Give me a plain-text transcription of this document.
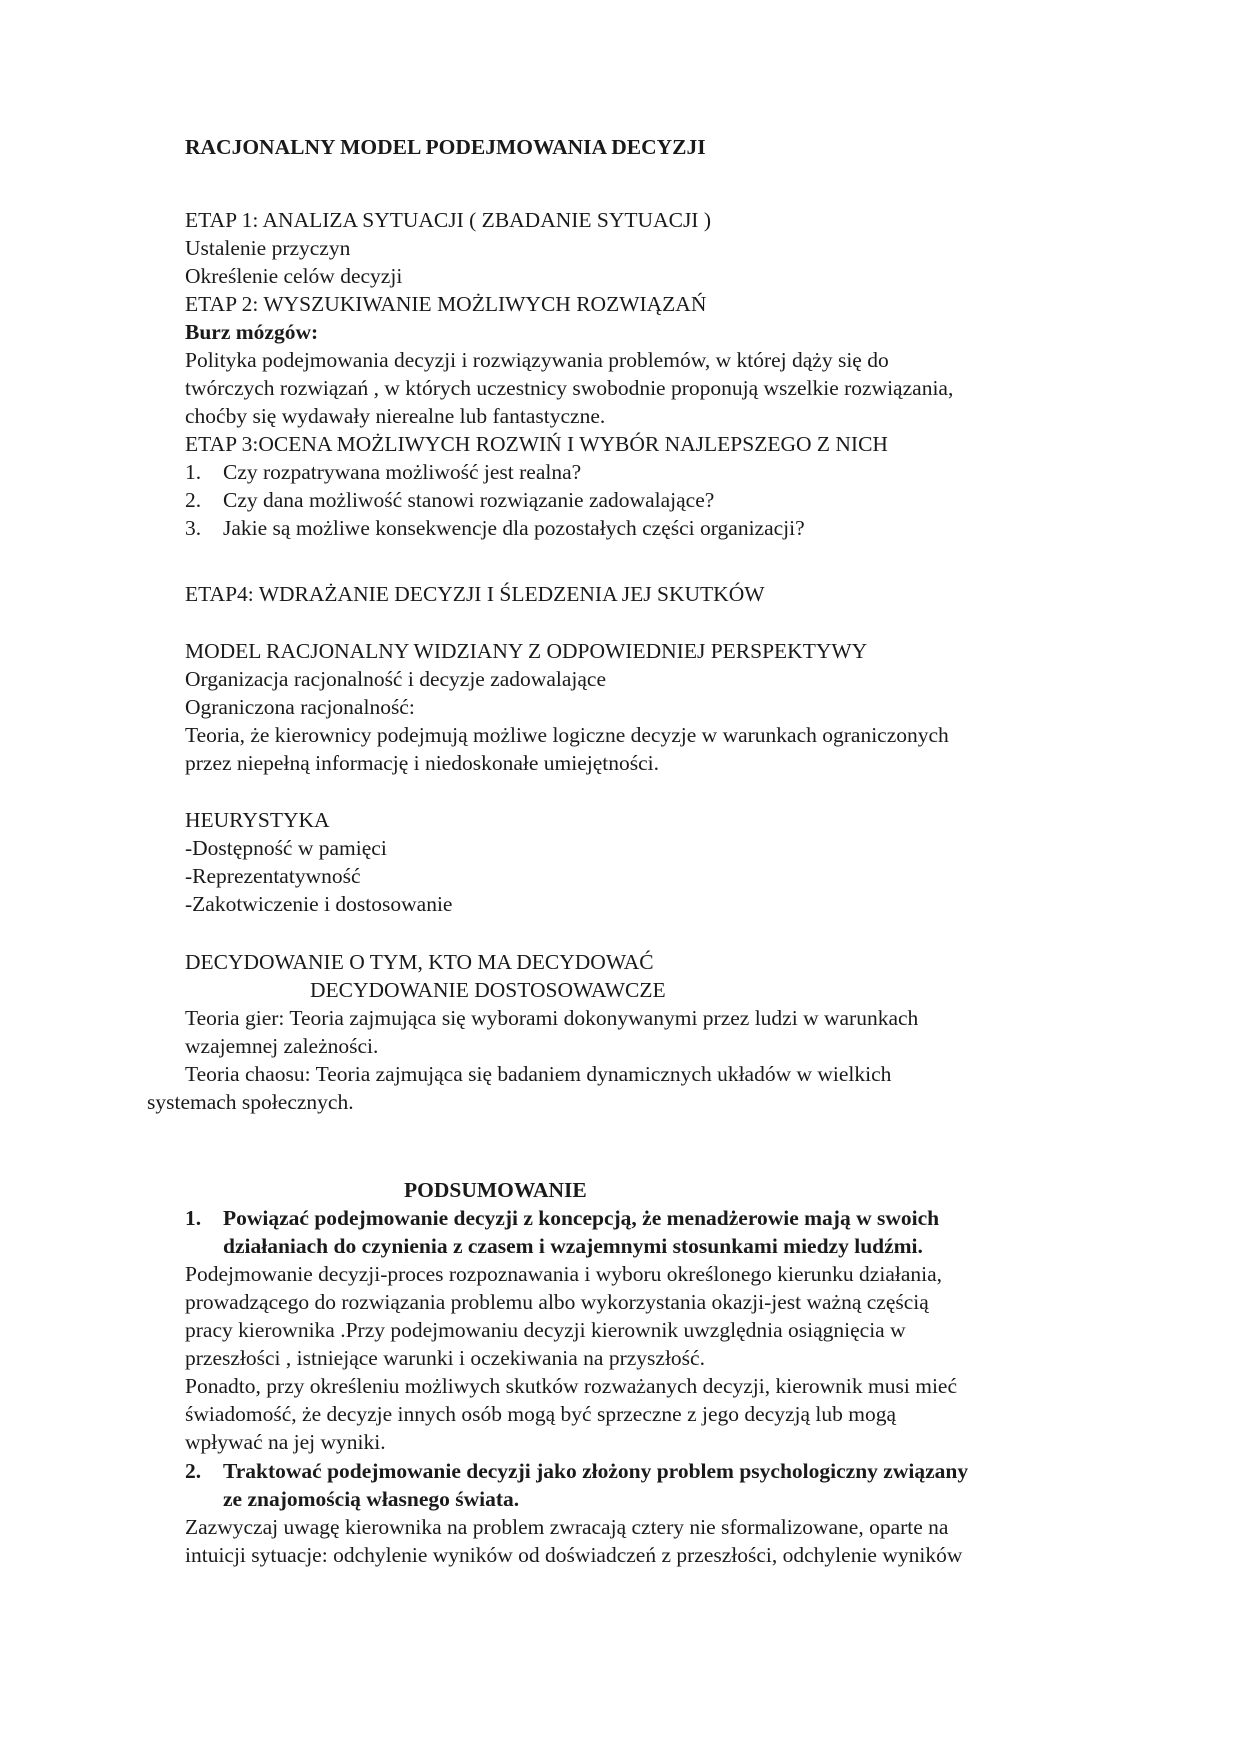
RACJONALNY MODEL PODEJMOWANIA DECYZJI
ETAP 1: ANALIZA SYTUACJI ( ZBADANIE SYTUACJI )
Ustalenie przyczyn
Określenie celów decyzji
ETAP 2: WYSZUKIWANIE MOŻLIWYCH ROZWIĄZAŃ
Burz mózgów:
Polityka podejmowania decyzji i rozwiązywania problemów, w której dąży się do
twórczych rozwiązań , w których uczestnicy swobodnie proponują wszelkie rozwiązania,
choćby się wydawały nierealne lub fantastyczne.
ETAP 3:OCENA MOŻLIWYCH ROZWIŃ I WYBÓR NAJLEPSZEGO Z NICH
1. Czy rozpatrywana możliwość jest realna?
2. Czy dana możliwość stanowi rozwiązanie zadowalające?
3. Jakie są możliwe konsekwencje dla pozostałych części organizacji?
ETAP4: WDRAŻANIE DECYZJI I ŚLEDZENIA JEJ SKUTKÓW
MODEL RACJONALNY WIDZIANY Z ODPOWIEDNIEJ PERSPEKTYWY
Organizacja racjonalność i decyzje zadowalające
Ograniczona racjonalność:
Teoria, że kierownicy podejmują możliwe logiczne decyzje w warunkach ograniczonych
przez niepełną informację i niedoskonałe umiejętności.
HEURYSTYKA
-Dostępność w pamięci
-Reprezentatywność
-Zakotwiczenie i dostosowanie
DECYDOWANIE O TYM, KTO MA DECYDOWAĆ
DECYDOWANIE DOSTOSOWAWCZE
Teoria gier: Teoria zajmująca się wyborami dokonywanymi przez ludzi w warunkach
wzajemnej zależności.
Teoria chaosu: Teoria zajmująca się badaniem dynamicznych układów w wielkich
systemach społecznych.
PODSUMOWANIE
1. Powiązać podejmowanie decyzji z koncepcją, że menadżerowie mają w swoich
działaniach do czynienia z czasem i wzajemnymi stosunkami miedzy ludźmi.
Podejmowanie decyzji-proces rozpoznawania i wyboru określonego kierunku działania,
prowadzącego do rozwiązania problemu albo wykorzystania okazji-jest ważną częścią
pracy kierownika .Przy podejmowaniu decyzji kierownik uwzględnia osiągnięcia w
przeszłości , istniejące warunki i oczekiwania na przyszłość.
Ponadto, przy określeniu możliwych skutków rozważanych decyzji, kierownik musi mieć
świadomość, że decyzje innych osób mogą być sprzeczne z jego decyzją lub mogą
wpływać na jej wyniki.
2. Traktować podejmowanie decyzji jako złożony problem psychologiczny związany
ze znajomością własnego świata.
Zazwyczaj uwagę kierownika na problem zwracają cztery nie sformalizowane, oparte na
intuicji sytuacje: odchylenie wyników od doświadczeń z przeszłości, odchylenie wyników
